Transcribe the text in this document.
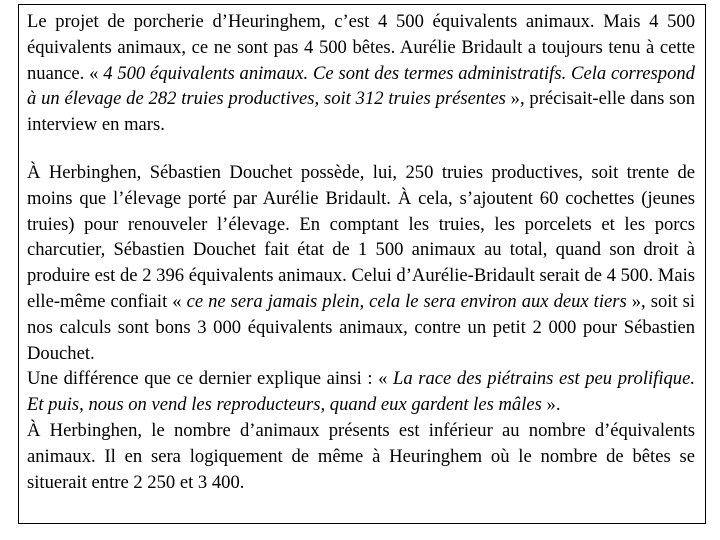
Le projet de porcherie d’Heuringhem, c’est 4 500 équivalents animaux. Mais 4 500 équivalents animaux, ce ne sont pas 4 500 bêtes. Aurélie Bridault a toujours tenu à cette nuance. « 4 500 équivalents animaux. Ce sont des termes administratifs. Cela correspond à un élevage de 282 truies productives, soit 312 truies présentes », précisait-elle dans son interview en mars.

À Herbinghen, Sébastien Douchet possède, lui, 250 truies productives, soit trente de moins que l’élevage porté par Aurélie Bridault. À cela, s’ajoutent 60 cochettes (jeunes truies) pour renouveler l’élevage. En comptant les truies, les porcelets et les porcs charcutier, Sébastien Douchet fait état de 1 500 animaux au total, quand son droit à produire est de 2 396 équivalents animaux. Celui d’Aurélie-Bridault serait de 4 500. Mais elle-même confiait « ce ne sera jamais plein, cela le sera environ aux deux tiers », soit si nos calculs sont bons 3 000 équivalents animaux, contre un petit 2 000 pour Sébastien Douchet.

Une différence que ce dernier explique ainsi : « La race des piétrains est peu prolifique. Et puis, nous on vend les reproducteurs, quand eux gardent les mâles ».

À Herbinghen, le nombre d’animaux présents est inférieur au nombre d’équivalents animaux. Il en sera logiquement de même à Heuringhem où le nombre de bêtes se situerait entre 2 250 et 3 400.
